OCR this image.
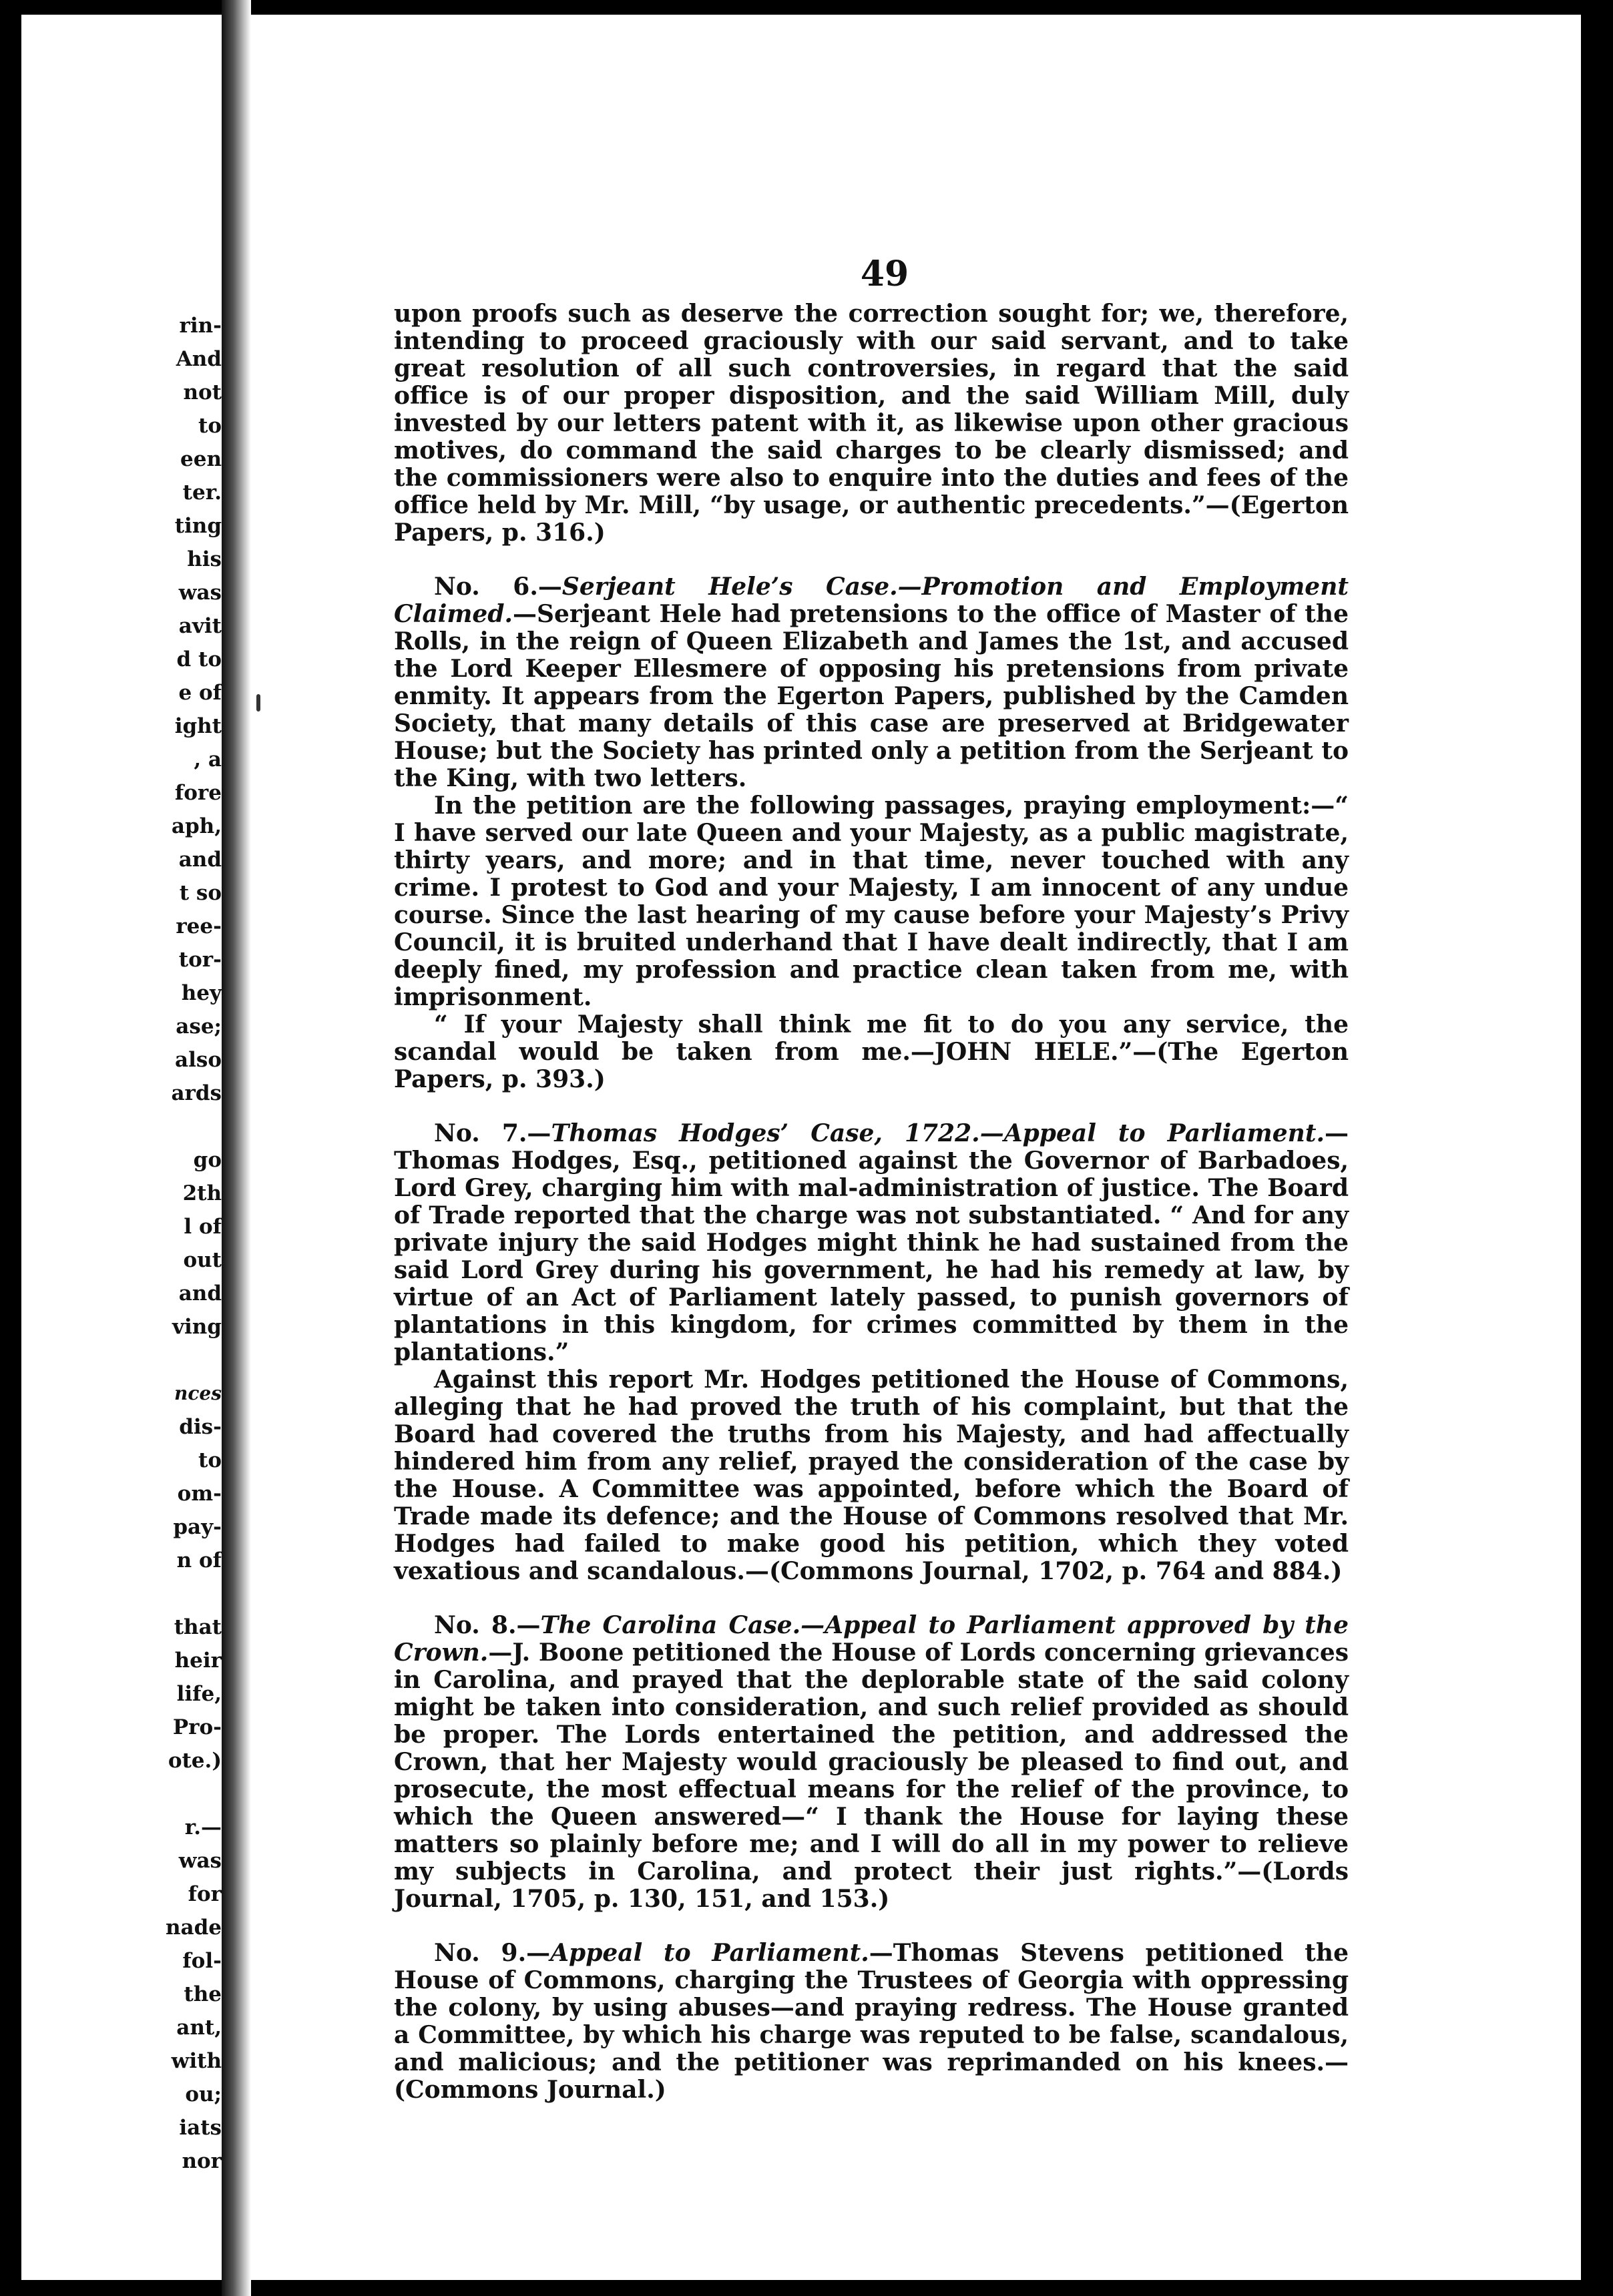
rin-
And
not
to
een
ter.
ting
his
was
avit
d to
e of
ight
, a
fore
aph,
and
t so
ree-
tor-
hey
ase;
also
ards
go
2th
l of
out
and
ving
nces
dis-
to
om-
pay-
n of
that
heir
life,
Pro-
ote.)
r.—
was
for
nade
fol-
the
ant,
with
ou;
iats
nor
49

upon proofs such as deserve the correction sought for; we, therefore, intending to proceed graciously with our said servant, and to take great resolution of all such controversies, in regard that the said office is of our proper disposition, and the said William Mill, duly invested by our letters patent with it, as likewise upon other gracious motives, do command the said charges to be clearly dismissed; and the commissioners were also to enquire into the duties and fees of the office held by Mr. Mill, “by usage, or authentic precedents.”—(Egerton Papers, p. 316.)

No. 6.—Serjeant Hele’s Case.—Promotion and Employment Claimed.—Serjeant Hele had pretensions to the office of Master of the Rolls, in the reign of Queen Elizabeth and James the 1st, and accused the Lord Keeper Ellesmere of opposing his pretensions from private enmity. It appears from the Egerton Papers, published by the Camden Society, that many details of this case are preserved at Bridgewater House; but the Society has printed only a petition from the Serjeant to the King, with two letters.

In the petition are the following passages, praying employment:—“ I have served our late Queen and your Majesty, as a public magistrate, thirty years, and more; and in that time, never touched with any crime. I protest to God and your Majesty, I am innocent of any undue course. Since the last hearing of my cause before your Majesty’s Privy Council, it is bruited underhand that I have dealt indirectly, that I am deeply fined, my profession and practice clean taken from me, with imprisonment.

“ If your Majesty shall think me fit to do you any service, the scandal would be taken from me.—JOHN HELE.”—(The Egerton Papers, p. 393.)

No. 7.—Thomas Hodges’ Case, 1722.—Appeal to Parliament.—Thomas Hodges, Esq., petitioned against the Governor of Barbadoes, Lord Grey, charging him with mal-administration of justice. The Board of Trade reported that the charge was not substantiated. “ And for any private injury the said Hodges might think he had sustained from the said Lord Grey during his government, he had his remedy at law, by virtue of an Act of Parliament lately passed, to punish governors of plantations in this kingdom, for crimes committed by them in the plantations.”

Against this report Mr. Hodges petitioned the House of Commons, alleging that he had proved the truth of his complaint, but that the Board had covered the truths from his Majesty, and had affectually hindered him from any relief, prayed the consideration of the case by the House. A Committee was appointed, before which the Board of Trade made its defence; and the House of Commons resolved that Mr. Hodges had failed to make good his petition, which they voted vexatious and scandalous.—(Commons Journal, 1702, p. 764 and 884.)

No. 8.—The Carolina Case.—Appeal to Parliament approved by the Crown.—J. Boone petitioned the House of Lords concerning grievances in Carolina, and prayed that the deplorable state of the said colony might be taken into consideration, and such relief provided as should be proper. The Lords entertained the petition, and addressed the Crown, that her Majesty would graciously be pleased to find out, and prosecute, the most effectual means for the relief of the province, to which the Queen answered—“ I thank the House for laying these matters so plainly before me; and I will do all in my power to relieve my subjects in Carolina, and protect their just rights.”—(Lords Journal, 1705, p. 130, 151, and 153.)

No. 9.—Appeal to Parliament.—Thomas Stevens petitioned the House of Commons, charging the Trustees of Georgia with oppressing the colony, by using abuses—and praying redress. The House granted a Committee, by which his charge was reputed to be false, scandalous, and malicious; and the petitioner was reprimanded on his knees.—(Commons Journal.)
